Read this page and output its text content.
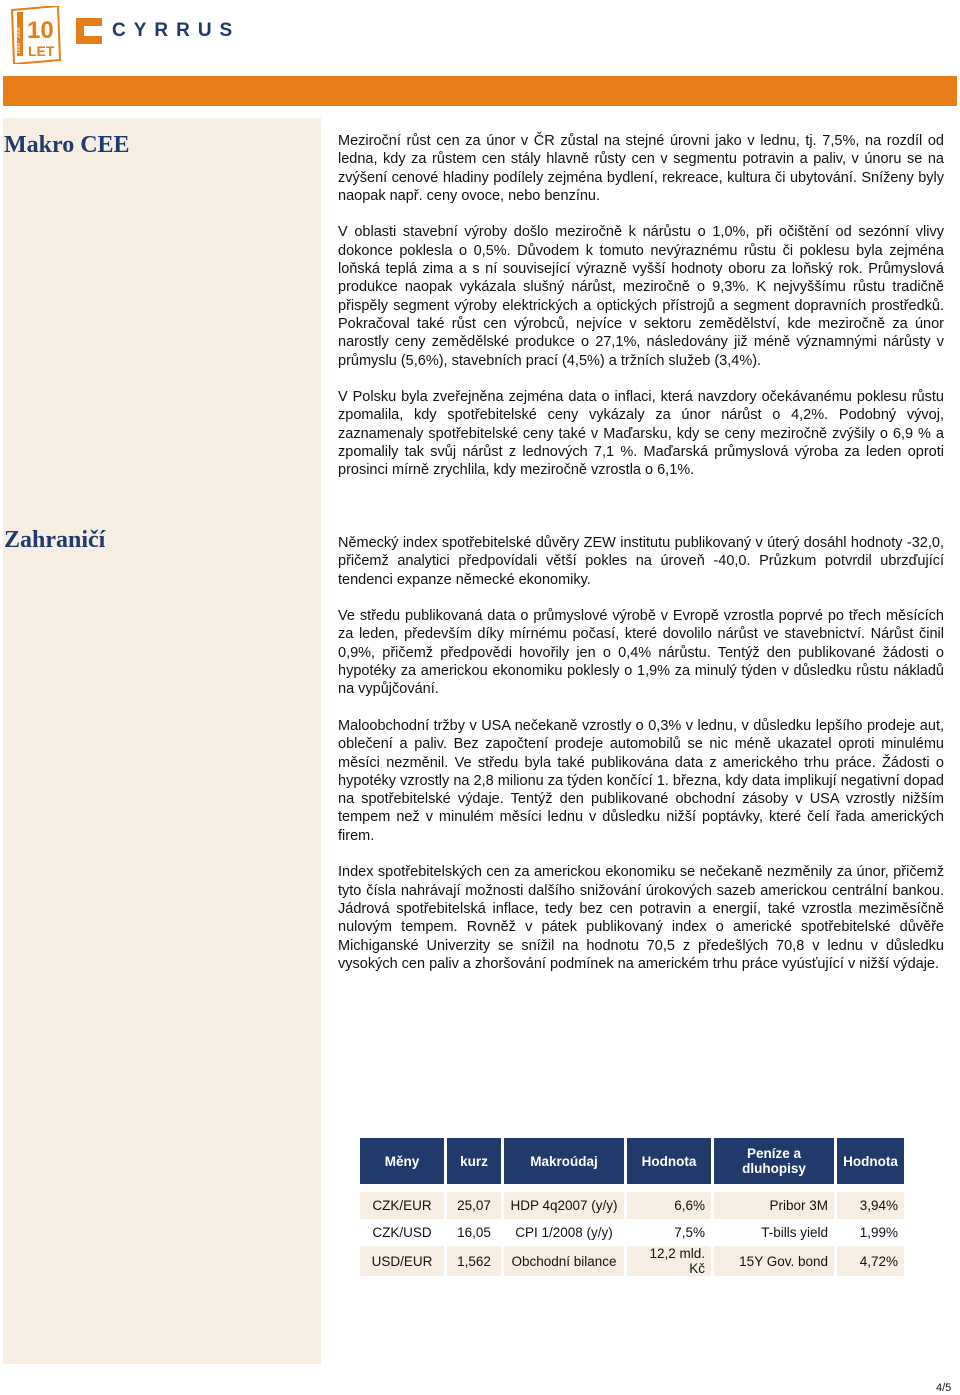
1998 - 2008 10
LET
CYRRUS
Makro CEE
Zahraničí

Meziroční růst cen za únor v ČR zůstal na stejné úrovni jako v lednu, tj. 7,5%, na rozdíl od ledna, kdy za růstem cen stály hlavně růsty cen v segmentu potravin a paliv, v únoru se na zvýšení cenové hladiny podílely zejména bydlení, rekreace, kultura či ubytování. Sníženy byly naopak např. ceny ovoce, nebo benzínu.

V oblasti stavební výroby došlo meziročně k nárůstu o 1,0%, při očištění od sezónní vlivy dokonce poklesla o 0,5%. Důvodem k tomuto nevýraznému růstu či poklesu byla zejména loňská teplá zima a s ní související výrazně vyšší hodnoty oboru za loňský rok. Průmyslová produkce naopak vykázala slušný nárůst, meziročně o 9,3%. K nejvyššímu růstu tradičně přispěly segment výroby elektrických a optických přístrojů a segment dopravních prostředků. Pokračoval také růst cen výrobců, nejvíce v sektoru zemědělství, kde meziročně za únor narostly ceny zemědělské produkce o 27,1%, následovány již méně významnými nárůsty v průmyslu (5,6%), stavebních prací (4,5%) a tržních služeb (3,4%).

V Polsku byla zveřejněna zejména data o inflaci, která navzdory očekávanému poklesu růstu zpomalila, kdy spotřebitelské ceny vykázaly za únor nárůst o 4,2%. Podobný vývoj, zaznamenaly spotřebitelské ceny také v Maďarsku, kdy se ceny meziročně zvýšily o 6,9 % a zpomalily tak svůj nárůst z lednových 7,1 %. Maďarská průmyslová výroba za leden oproti prosinci mírně zrychlila, kdy meziročně vzrostla o 6,1%.

Německý index spotřebitelské důvěry ZEW institutu publikovaný v úterý dosáhl hodnoty -32,0, přičemž analytici předpovídali větší pokles na úroveň -40,0. Průzkum potvrdil ubrzďující tendenci expanze německé ekonomiky.

Ve středu publikovaná data o průmyslové výrobě v Evropě vzrostla poprvé po třech měsících za leden, především díky mírnému počasí, které dovolilo nárůst ve stavebnictví. Nárůst činil 0,9%, přičemž předpovědi hovořily jen o 0,4% nárůstu. Tentýž den publikované žádosti o hypotéky za americkou ekonomiku poklesly o 1,9% za minulý týden v důsledku růstu nákladů na vypůjčování.

Maloobchodní tržby v USA nečekaně vzrostly o 0,3% v lednu, v důsledku lepšího prodeje aut, oblečení a paliv. Bez započtení prodeje automobilů se nic méně ukazatel oproti minulému měsíci nezměnil. Ve středu byla také publikována data z amerického trhu práce. Žádosti o hypotéky vzrostly na 2,8 milionu za týden končící 1. března, kdy data implikují negativní dopad na spotřebitelské výdaje. Tentýž den publikované obchodní zásoby v USA vzrostly nižším tempem než v minulém měsíci lednu v důsledku nižší poptávky, které čelí řada amerických firem.

Index spotřebitelských cen za americkou ekonomiku se nečekaně nezměnily za únor, přičemž tyto čísla nahrávají možnosti dalšího snižování úrokových sazeb americkou centrální bankou. Jádrová spotřebitelská inflace, tedy bez cen potravin a energií, také vzrostla meziměsíčně nulovým tempem. Rovněž v pátek publikovaný index o americké spotřebitelské důvěře Michiganské Univerzity se snížil na hodnotu 70,5 z předešlých 70,8 v lednu v důsledku vysokých cen paliv a zhoršování podmínek na americkém trhu práce vyúsťující v nižší výdaje.

Měny	kurz	Makroúdaj	Hodnota	Peníze a dluhopisy	Hodnota
CZK/EUR	25,07	HDP 4q2007 (y/y)	6,6%	Pribor 3M	3,94%
CZK/USD	16,05	CPI 1/2008 (y/y)	7,5%	T-bills yield	1,99%
USD/EUR	1,562	Obchodní bilance	12,2 mld. Kč	15Y Gov. bond	4,72%
4/5
